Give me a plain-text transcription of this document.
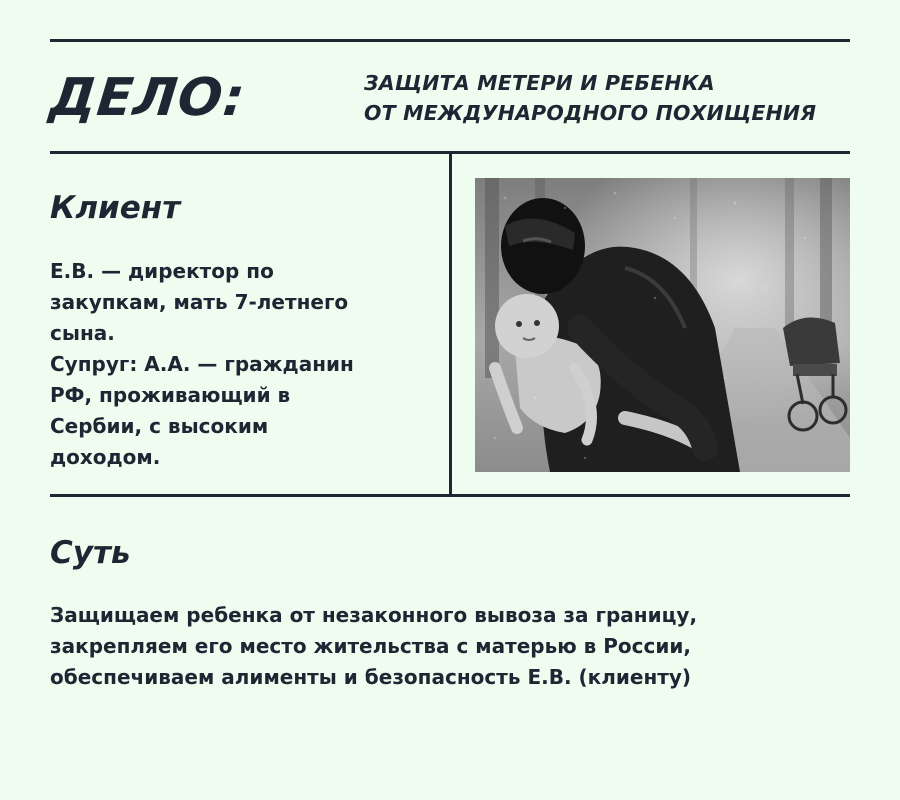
ДЕЛО:	ЗАЩИТА МЕТЕРИ И РЕБЕНКА
ОТ МЕЖДУНАРОДНОГО ПОХИЩЕНИЯ
Клиент
Е.В. — директор по
закупкам, мать 7-летнего
сына.
Супруг: А.А. — гражданин
РФ, проживающий в
Сербии, с высоким
доходом.
Суть
Защищаем ребенка от незаконного вывоза за границу,
закрепляем его место жительства с матерью в России,
обеспечиваем алименты и безопасность Е.В. (клиенту)
